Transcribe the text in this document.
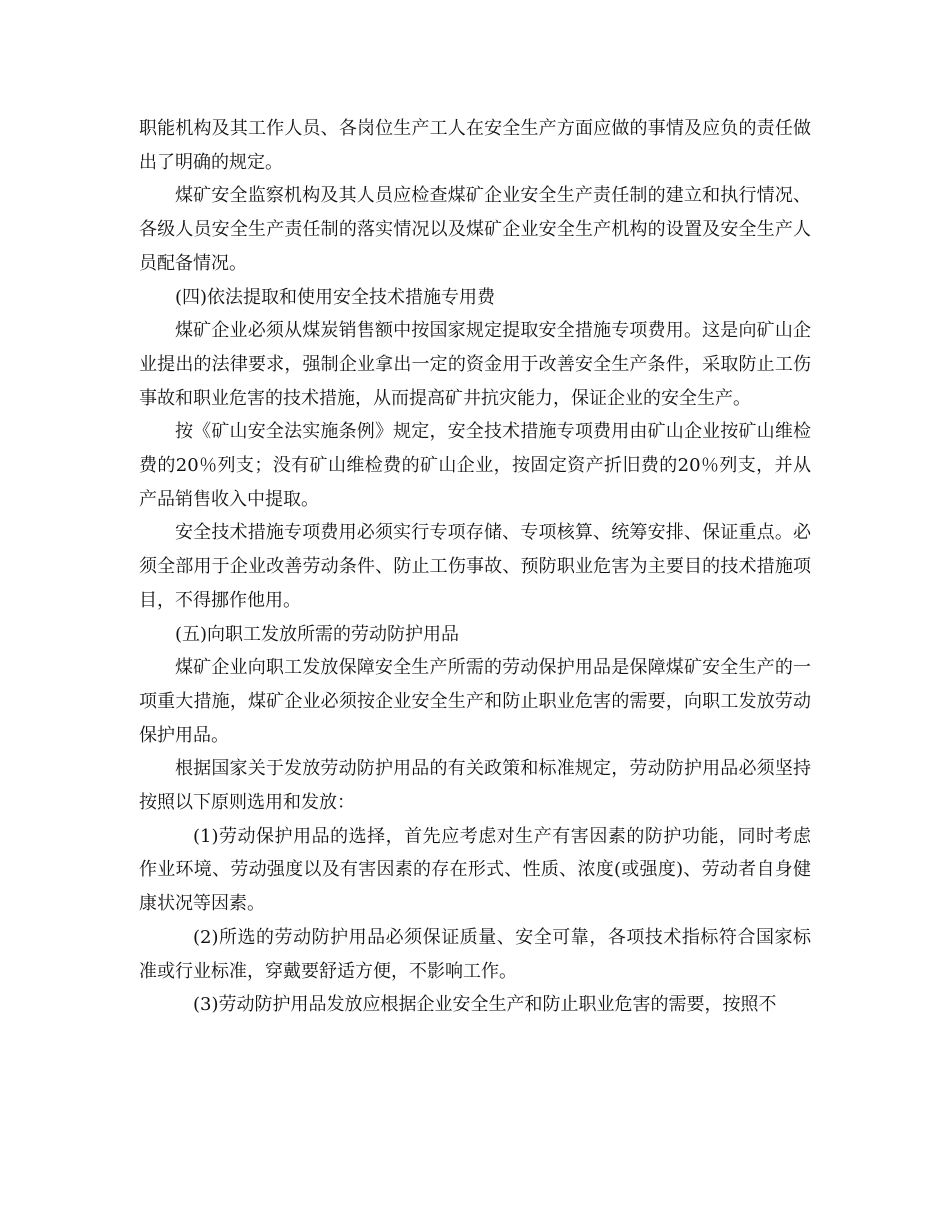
职能机构及其工作人员、各岗位生产工人在安全生产方面应做的事情及应负的责任做出了明确的规定。

煤矿安全监察机构及其人员应检查煤矿企业安全生产责任制的建立和执行情况、各级人员安全生产责任制的落实情况以及煤矿企业安全生产机构的设置及安全生产人员配备情况。

(四)依法提取和使用安全技术措施专用费

煤矿企业必须从煤炭销售额中按国家规定提取安全措施专项费用。这是向矿山企业提出的法律要求，强制企业拿出一定的资金用于改善安全生产条件，采取防止工伤事故和职业危害的技术措施，从而提高矿井抗灾能力，保证企业的安全生产。

按《矿山安全法实施条例》规定，安全技术措施专项费用由矿山企业按矿山维检费的20％列支；没有矿山维检费的矿山企业，按固定资产折旧费的20％列支，并从产品销售收入中提取。

安全技术措施专项费用必须实行专项存储、专项核算、统筹安排、保证重点。必须全部用于企业改善劳动条件、防止工伤事故、预防职业危害为主要目的技术措施项目，不得挪作他用。

(五)向职工发放所需的劳动防护用品

煤矿企业向职工发放保障安全生产所需的劳动保护用品是保障煤矿安全生产的一项重大措施，煤矿企业必须按企业安全生产和防止职业危害的需要，向职工发放劳动保护用品。

根据国家关于发放劳动防护用品的有关政策和标准规定，劳动防护用品必须坚持按照以下原则选用和发放：

(1)劳动保护用品的选择，首先应考虑对生产有害因素的防护功能，同时考虑作业环境、劳动强度以及有害因素的存在形式、性质、浓度(或强度)、劳动者自身健康状况等因素。

(2)所选的劳动防护用品必须保证质量、安全可靠，各项技术指标符合国家标准或行业标准，穿戴要舒适方便，不影响工作。

(3)劳动防护用品发放应根据企业安全生产和防止职业危害的需要，按照不
